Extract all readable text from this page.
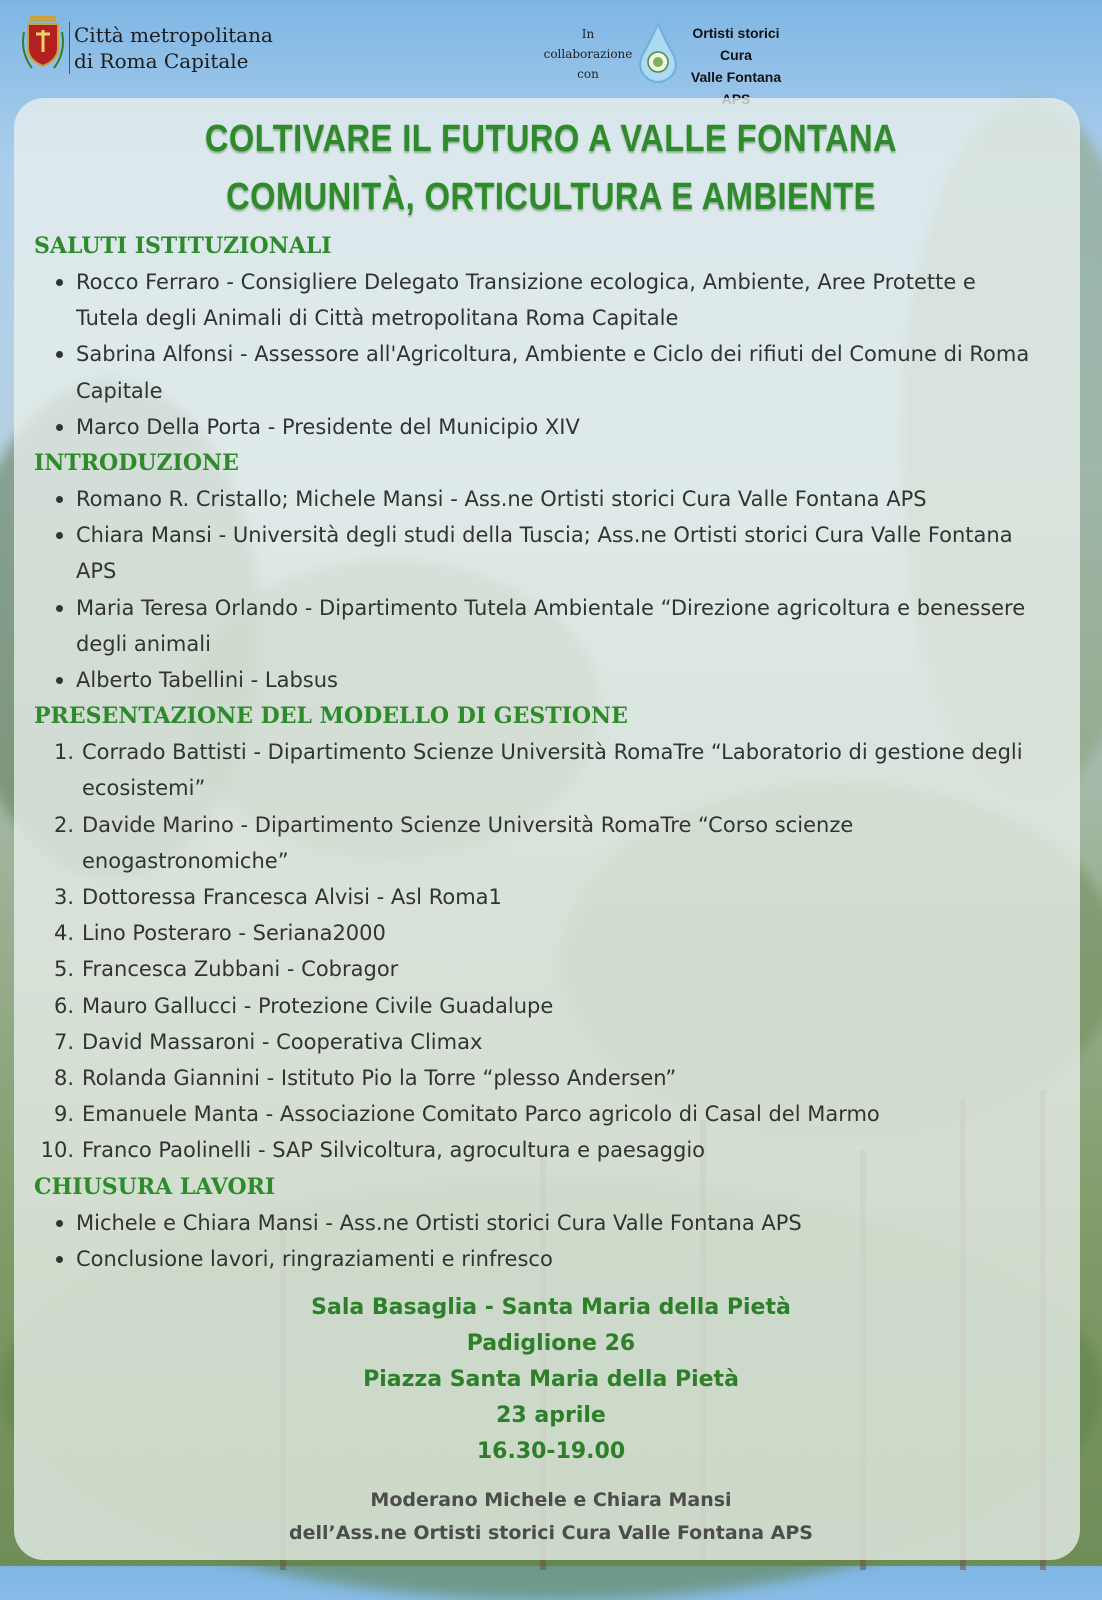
Città metropolitana
di Roma Capitale
In
collaborazione
con
Ortisti storici Cura
Valle Fontana
COLTIVARE IL FUTURO A VALLE FONTANA
COMUNITÀ, ORTICULTURA E AMBIENTE
SALUTI ISTITUZIONALI
Rocco Ferraro - Consigliere Delegato Transizione ecologica, Ambiente, Aree Protette e Tutela degli Animali di Città metropolitana Roma Capitale
Sabrina Alfonsi - Assessore all'Agricoltura, Ambiente e Ciclo dei rifiuti del Comune di Roma Capitale
Marco Della Porta - Presidente del Municipio XIV
INTRODUZIONE
Romano R. Cristallo; Michele Mansi - Ass.ne Ortisti storici Cura Valle Fontana APS
Chiara Mansi - Università degli studi della Tuscia; Ass.ne Ortisti storici Cura Valle Fontana APS
Maria Teresa Orlando - Dipartimento Tutela Ambientale “Direzione agricoltura e benessere degli animali
Alberto Tabellini - Labsus
PRESENTAZIONE DEL MODELLO DI GESTIONE
1. Corrado Battisti - Dipartimento Scienze Università RomaTre “Laboratorio di gestione degli ecosistemi”
2. Davide Marino - Dipartimento Scienze Università RomaTre “Corso scienze enogastronomiche”
3. Dottoressa Francesca Alvisi - Asl Roma1
4. Lino Posteraro - Seriana2000
5. Francesca Zubbani - Cobragor
6. Mauro Gallucci - Protezione Civile Guadalupe
7. David Massaroni - Cooperativa Climax
8. Rolanda Giannini - Istituto Pio la Torre “plesso Andersen”
9. Emanuele Manta - Associazione Comitato Parco agricolo di Casal del Marmo
10. Franco Paolinelli - SAP Silvicoltura, agrocultura e paesaggio
CHIUSURA LAVORI
Michele e Chiara Mansi - Ass.ne Ortisti storici Cura Valle Fontana APS
Conclusione lavori, ringraziamenti e rinfresco
Sala Basaglia - Santa Maria della Pietà
Padiglione 26
Piazza Santa Maria della Pietà
23 aprile
16.30-19.00
Moderano Michele e Chiara Mansi
dell’Ass.ne Ortisti storici Cura Valle Fontana APS
